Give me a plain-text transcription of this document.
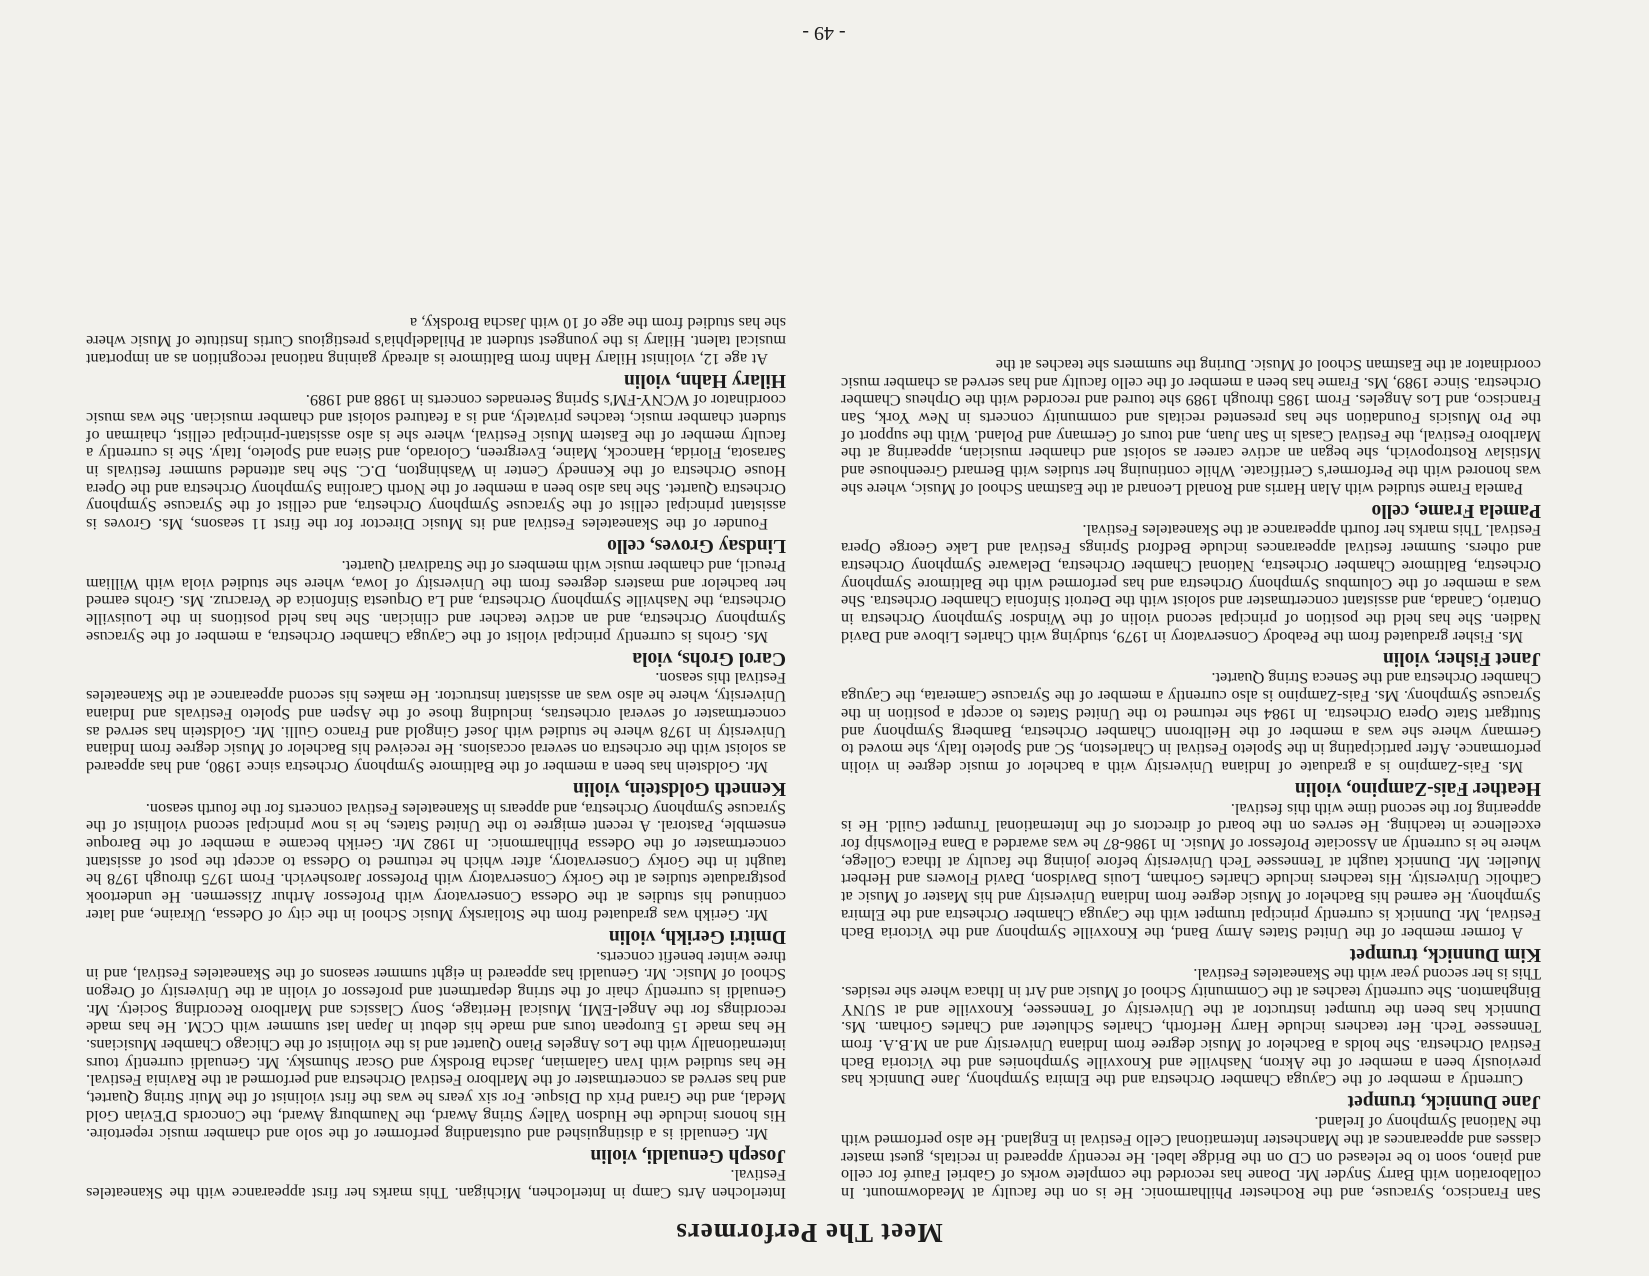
Meet The Performers

San Francisco, Syracuse, and the Rochester Philharmonic. He is on the faculty at Meadowmount. In collaboration with Barry Snyder Mr. Doane has recorded the complete works of Gabriel Fauré for cello and piano, soon to be released on CD on the Bridge label. He recently appeared in recitals, guest master classes and appearances at the Manchester International Cello Festival in England. He also performed with the National Symphony of Ireland.

Jane Dunnick, trumpet

Currently a member of the Cayuga Chamber Orchestra and the Elmira Symphony, Jane Dunnick has previously been a member of the Akron, Nashville and Knoxville Symphonies and the Victoria Bach Festival Orchestra. She holds a Bachelor of Music degree from Indiana University and an M.B.A. from Tennessee Tech. Her teachers include Harry Herforth, Charles Schlueter and Charles Gorham. Ms. Dunnick has been the trumpet instructor at the University of Tennessee, Knoxville and at SUNY Binghamton. She currently teaches at the Community School of Music and Art in Ithaca where she resides. This is her second year with the Skaneateles Festival.

Kim Dunnick, trumpet

A former member of the United States Army Band, the Knoxville Symphony and the Victoria Bach Festival, Mr. Dunnick is currently principal trumpet with the Cayuga Chamber Orchestra and the Elmira Symphony. He earned his Bachelor of Music degree from Indiana University and his Master of Music at Catholic University. His teachers include Charles Gorham, Louis Davidson, David Flowers and Herbert Mueller. Mr. Dunnick taught at Tennessee Tech University before joining the faculty at Ithaca College, where he is currently an Associate Professor of Music. In 1986-87 he was awarded a Dana Fellowship for excellence in teaching. He serves on the board of directors of the International Trumpet Guild. He is appearing for the second time with this festival.

Heather Fais-Zampino, violin

Ms. Fais-Zampino is a graduate of Indiana University with a bachelor of music degree in violin performance. After participating in the Spoleto Festival in Charleston, SC and Spoleto Italy, she moved to Germany where she was a member of the Heilbronn Chamber Orchestra, Bamberg Symphony and Stuttgart State Opera Orchestra. In 1984 she returned to the United States to accept a position in the Syracuse Symphony. Ms. Fais-Zampino is also currently a member of the Syracuse Camerata, the Cayuga Chamber Orchestra and the Seneca String Quartet.

Janet Fisher, violin

Ms. Fisher graduated from the Peabody Conservatory in 1979, studying with Charles Libove and David Nadien. She has held the position of principal second violin of the Windsor Symphony Orchestra in Ontario, Canada, and assistant concertmaster and soloist with the Detroit Sinfonia Chamber Orchestra. She was a member of the Columbus Symphony Orchestra and has performed with the Baltimore Symphony Orchestra, Baltimore Chamber Orchestra, National Chamber Orchestra, Delaware Symphony Orchestra and others. Summer festival appearances include Bedford Springs Festival and Lake George Opera Festival. This marks her fourth appearance at the Skaneateles Festival.

Pamela Frame, cello

Pamela Frame studied with Alan Harris and Ronald Leonard at the Eastman School of Music, where she was honored with the Performer's Certificate. While continuing her studies with Bernard Greenhouse and Mstislav Rostropovich, she began an active career as soloist and chamber musician, appearing at the Marlboro Festival, the Festival Casals in San Juan, and tours of Germany and Poland. With the support of the Pro Musicis Foundation she has presented recitals and community concerts in New York, San Francisco, and Los Angeles. From 1985 through 1989 she toured and recorded with the Orpheus Chamber Orchestra. Since 1989, Ms. Frame has been a member of the cello faculty and has served as chamber music coordinator at the Eastman School of Music. During the summers she teaches at the

Interlochen Arts Camp in Interlochen, Michigan. This marks her first appearance with the Skaneateles Festival.

Joseph Genualdi, violin

Mr. Genualdi is a distinguished and outstanding performer of the solo and chamber music repertoire. His honors include the Hudson Valley String Award, the Naumburg Award, the Concords D'Evian Gold Medal, and the Grand Prix du Disque. For six years he was the first violinist of the Muir String Quartet, and has served as concertmaster of the Marlboro Festival Orchestra and performed at the Ravinia Festival. He has studied with Ivan Galamian, Jascha Brodsky and Oscar Shumsky. Mr. Genualdi currently tours internationally with the Los Angeles Piano Quartet and is the violinist of the Chicago Chamber Musicians. He has made 15 European tours and made his debut in Japan last summer with CCM. He has made recordings for the Angel-EMI, Musical Heritage, Sony Classics and Marlboro Recording Society. Mr. Genualdi is currently chair of the string department and professor of violin at the University of Oregon School of Music. Mr. Genualdi has appeared in eight summer seasons of the Skaneateles Festival, and in three winter benefit concerts.

Dmitri Gerikh, violin

Mr. Gerikh was graduated from the Stoliarsky Music School in the city of Odessa, Ukraine, and later continued his studies at the Odessa Conservatory with Professor Arthur Zissermen. He undertook postgraduate studies at the Gorky Conservatory with Professor Jaroshevich. From 1975 through 1978 he taught in the Gorky Conservatory, after which he returned to Odessa to accept the post of assistant concertmaster of the Odessa Philharmonic. In 1982 Mr. Gerikh became a member of the Baroque ensemble, Pastoral. A recent emigree to the United States, he is now principal second violinist of the Syracuse Symphony Orchestra, and appears in Skaneateles Festival concerts for the fourth season.

Kenneth Goldstein, violin

Mr. Goldstein has been a member of the Baltimore Symphony Orchestra since 1980, and has appeared as soloist with the orchestra on several occasions. He received his Bachelor of Music degree from Indiana University in 1978 where he studied with Josef Gingold and Franco Gulli. Mr. Goldstein has served as concertmaster of several orchestras, including those of the Aspen and Spoleto Festivals and Indiana University, where he also was an assistant instructor. He makes his second appearance at the Skaneateles Festival this season.

Carol Grohs, viola

Ms. Grohs is currently principal violist of the Cayuga Chamber Orchestra, a member of the Syracuse Symphony Orchestra, and an active teacher and clinician. She has held positions in the Louisville Orchestra, the Nashville Symphony Orchestra, and La Orquesta Sinfonica de Veracruz. Ms. Grohs earned her bachelor and masters degrees from the University of Iowa, where she studied viola with William Preucil, and chamber music with members of the Stradivari Quartet.

Lindsay Groves, cello

Founder of the Skaneateles Festival and its Music Director for the first 11 seasons, Ms. Groves is assistant principal cellist of the Syracuse Symphony Orchestra, and cellist of the Syracuse Symphony Orchestra Quartet. She has also been a member of the North Carolina Symphony Orchestra and the Opera House Orchestra of the Kennedy Center in Washington, D.C. She has attended summer festivals in Sarasota, Florida, Hancock, Maine, Evergreen, Colorado, and Siena and Spoleto, Italy. She is currently a faculty member of the Eastern Music Festival, where she is also assistant-principal cellist, chairman of student chamber music, teaches privately, and is a featured soloist and chamber musician. She was music coordinator of WCNY-FM's Spring Serenades concerts in 1988 and 1989.

Hilary Hahn, violin

At age 12, violinist Hilary Hahn from Baltimore is already gaining national recognition as an important musical talent. Hilary is the youngest student at Philadelphia's prestigious Curtis Institute of Music where she has studied from the age of 10 with Jascha Brodsky, a

- 49 -
